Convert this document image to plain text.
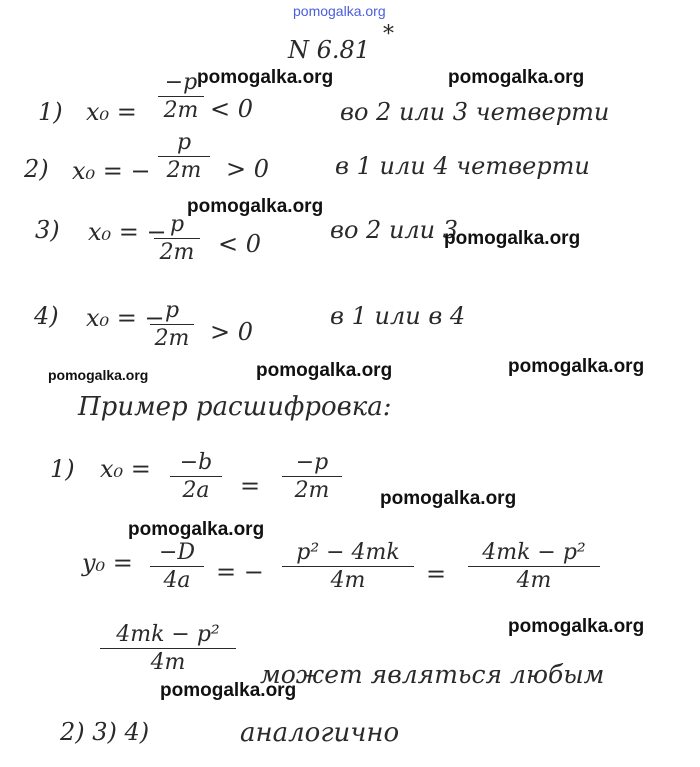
pomogalka.org
N 6.81
*
1) x₀ =
−p
2m < 0	во 2 или 3 четверти
2) x₀ = −
p
2m	> 0	в 1 или 4 четверти
3) x₀ = − p
2m < 0	во 2 или 3
4) x₀ = − p
2m > 0
в 1 или в 4
Пример расшифровка:
1) x₀ =	−b
2a	=
−p
2m
y₀ =	−D
4a	= −
p² − 4mk
4m	=
4mk − p²
4m
4mk − p²
4m	может являться любым
2) 3) 4)	аналогично
pomogalka.org	pomogalka.org
pomogalka.org
pomogalka.org
pomogalka.org	pomogalka.org	pomogalka.org
pomogalka.org
pomogalka.org
pomogalka.org
pomogalka.org
